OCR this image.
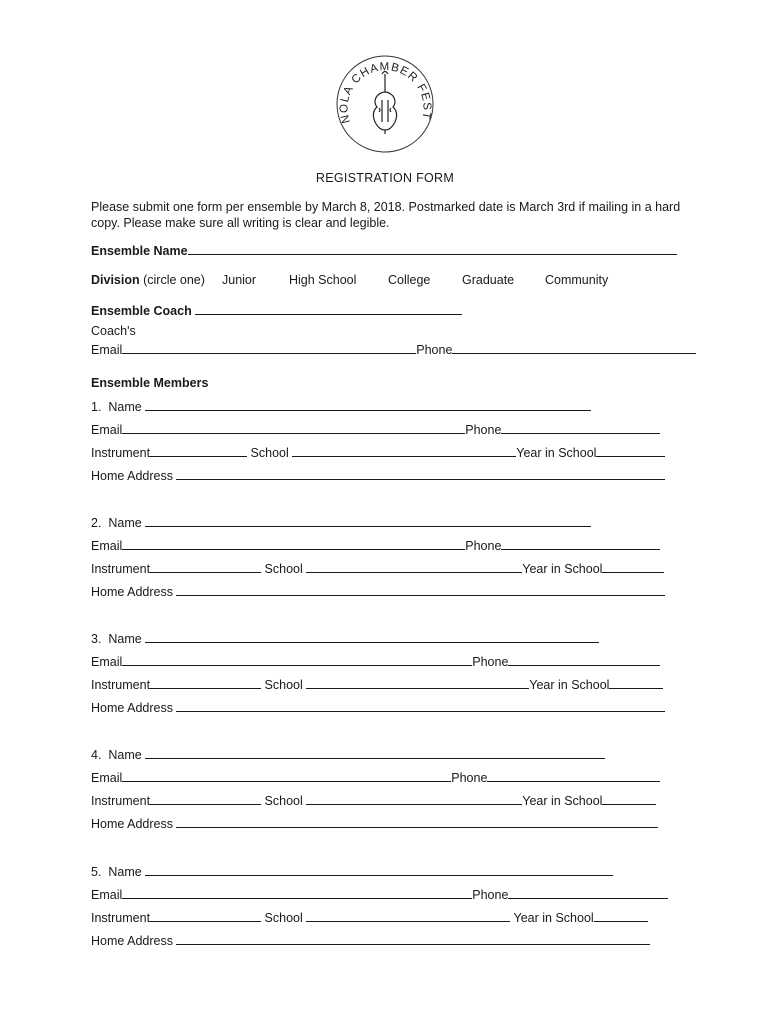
NOLA CHAMBER FEST
REGISTRATION FORM
Please submit one form per ensemble by March 8, 2018. Postmarked date is March 3rd if mailing in a hard copy. Please make sure all writing is clear and legible.
Ensemble Name
Division (circle one) Junior	High School	College	Graduate Community
Ensemble Coach
Coach's
Email	Phone
Ensemble Members
1. Name
Email	Phone
Instrument	School	Year in School
Home Address
2. Name
Email	Phone
Instrument	School	Year in School
Home Address
3. Name
Email	Phone
Instrument	School	Year in School
Home Address
4. Name
Email	Phone
Instrument	School	Year in School
Home Address
5. Name
Email	Phone
Instrument	School	Year in School
Home Address
